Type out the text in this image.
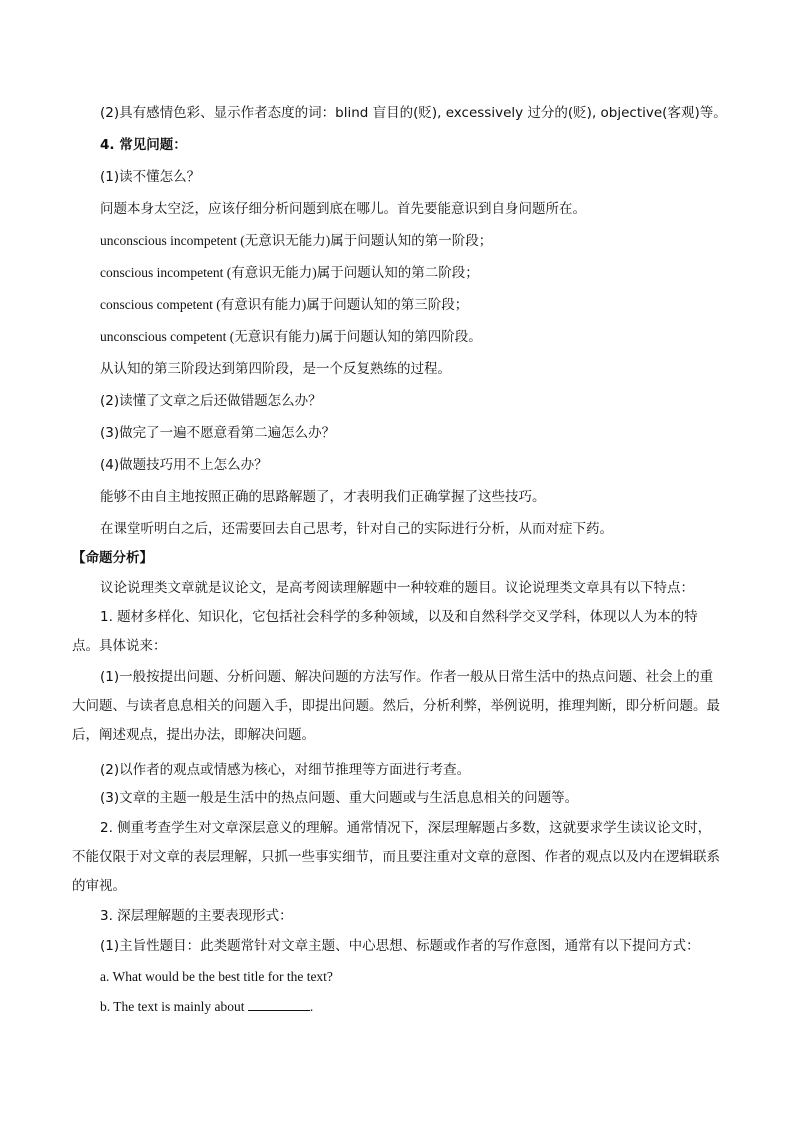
(2)具有感情色彩、显示作者态度的词：blind 盲目的(贬), excessively 过分的(贬), objective(客观)等。
4. 常见问题：
(1)读不懂怎么？
问题本身太空泛，应该仔细分析问题到底在哪儿。首先要能意识到自身问题所在。
unconscious incompetent (无意识无能力)属于问题认知的第一阶段；
conscious incompetent (有意识无能力)属于问题认知的第二阶段；
conscious competent (有意识有能力)属于问题认知的第三阶段；
unconscious competent (无意识有能力)属于问题认知的第四阶段。
从认知的第三阶段达到第四阶段，是一个反复熟练的过程。
(2)读懂了文章之后还做错题怎么办？
(3)做完了一遍不愿意看第二遍怎么办？
(4)做题技巧用不上怎么办？
能够不由自主地按照正确的思路解题了，才表明我们正确掌握了这些技巧。
在课堂听明白之后，还需要回去自己思考，针对自己的实际进行分析，从而对症下药。
【命题分析】
议论说理类文章就是议论文，是高考阅读理解题中一种较难的题目。议论说理类文章具有以下特点：
1. 题材多样化、知识化，它包括社会科学的多种领域，以及和自然科学交叉学科，体现以人为本的特点。具体说来：
(1)一般按提出问题、分析问题、解决问题的方法写作。作者一般从日常生活中的热点问题、社会上的重大问题、与读者息息相关的问题入手，即提出问题。然后，分析利弊，举例说明，推理判断，即分析问题。最后，阐述观点，提出办法，即解决问题。
(2)以作者的观点或情感为核心，对细节推理等方面进行考查。
(3)文章的主题一般是生活中的热点问题、重大问题或与生活息息相关的问题等。
2. 侧重考查学生对文章深层意义的理解。通常情况下，深层理解题占多数，这就要求学生读议论文时，不能仅限于对文章的表层理解，只抓一些事实细节，而且要注重对文章的意图、作者的观点以及内在逻辑联系的审视。
3. 深层理解题的主要表现形式：
(1)主旨性题目：此类题常针对文章主题、中心思想、标题或作者的写作意图，通常有以下提问方式：
a. What would be the best title for the text?
b. The text is mainly about	.
